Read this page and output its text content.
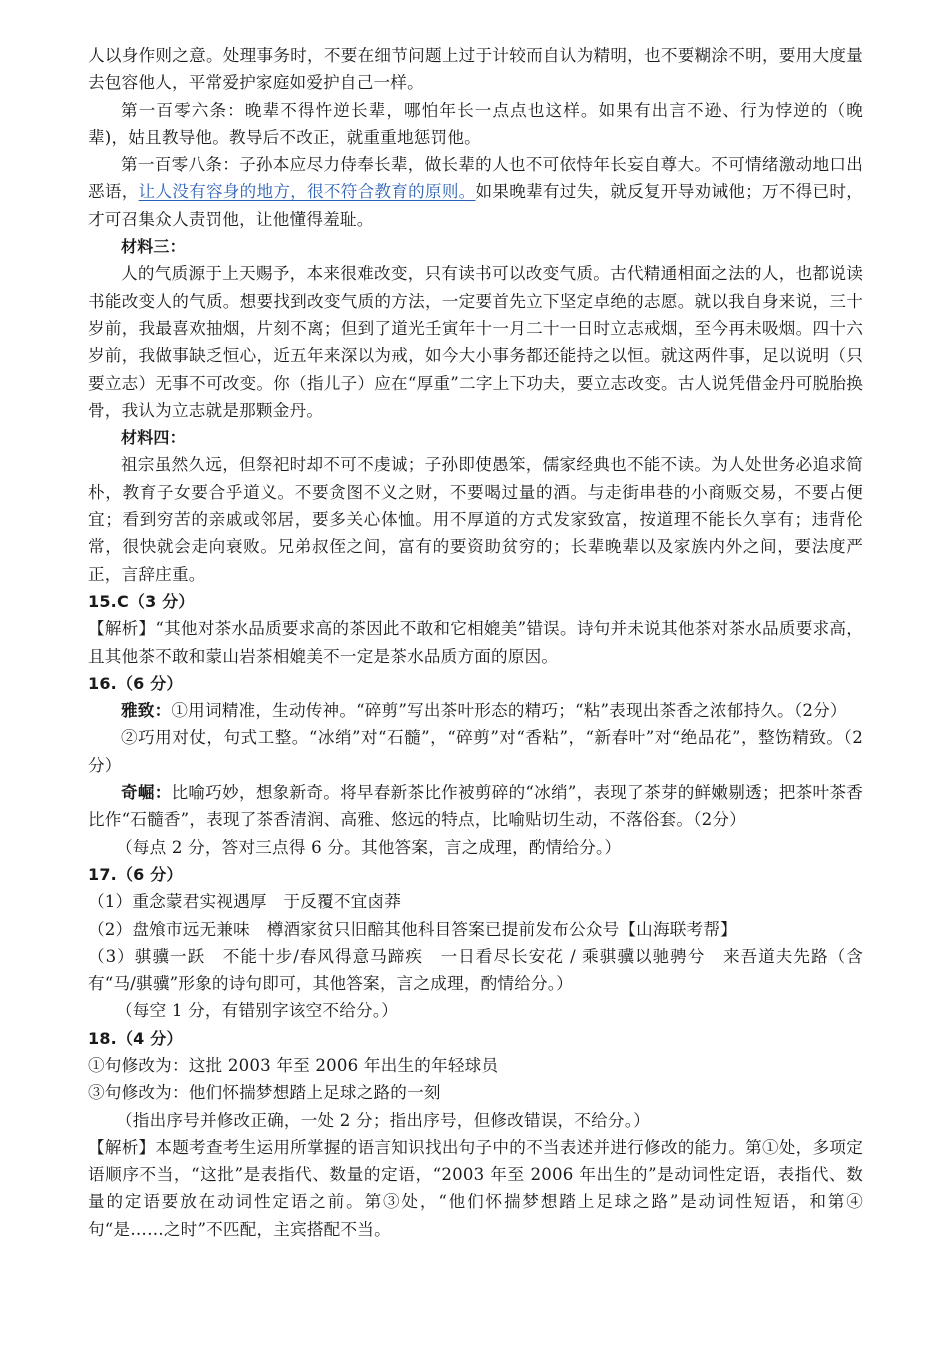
人以身作则之意。处理事务时，不要在细节问题上过于计较而自认为精明，也不要糊涂不明，要用大度量去包容他人，平常爱护家庭如爱护自己一样。

第一百零六条：晚辈不得忤逆长辈，哪怕年长一点点也这样。如果有出言不逊、行为悖逆的（晚辈)，姑且教导他。教导后不改正，就重重地惩罚他。

第一百零八条：子孙本应尽力侍奉长辈，做长辈的人也不可依恃年长妄自尊大。不可情绪激动地口出恶语，让人没有容身的地方，很不符合教育的原则。如果晚辈有过失，就反复开导劝诫他；万不得已时，才可召集众人责罚他，让他懂得羞耻。

材料三：

人的气质源于上天赐予，本来很难改变，只有读书可以改变气质。古代精通相面之法的人，也都说读书能改变人的气质。想要找到改变气质的方法，一定要首先立下坚定卓绝的志愿。就以我自身来说，三十岁前，我最喜欢抽烟，片刻不离；但到了道光壬寅年十一月二十一日时立志戒烟，至今再未吸烟。四十六岁前，我做事缺乏恒心，近五年来深以为戒，如今大小事务都还能持之以恒。就这两件事，足以说明（只要立志）无事不可改变。你（指儿子）应在“厚重”二字上下功夫，要立志改变。古人说凭借金丹可脱胎换骨，我认为立志就是那颗金丹。

材料四：

祖宗虽然久远，但祭祀时却不可不虔诚；子孙即使愚笨，儒家经典也不能不读。为人处世务必追求简朴，教育子女要合乎道义。不要贪图不义之财，不要喝过量的酒。与走街串巷的小商贩交易，不要占便宜；看到穷苦的亲戚或邻居，要多关心体恤。用不厚道的方式发家致富，按道理不能长久享有；违背伦常，很快就会走向衰败。兄弟叔侄之间，富有的要资助贫穷的；长辈晚辈以及家族内外之间，要法度严正，言辞庄重。

15.C（3 分）

【解析】“其他对茶水品质要求高的茶因此不敢和它相媲美”错误。诗句并未说其他茶对茶水品质要求高，且其他茶不敢和蒙山岩茶相媲美不一定是茶水品质方面的原因。

16.（6 分）

雅致：①用词精准，生动传神。“碎剪”写出茶叶形态的精巧；“粘”表现出茶香之浓郁持久。（2分）

②巧用对仗，句式工整。“冰绡”对“石髓”，“碎剪”对“香粘”，“新春叶”对“绝品花”，整饬精致。（2 分）

奇崛：比喻巧妙，想象新奇。将早春新茶比作被剪碎的“冰绡”，表现了茶芽的鲜嫩剔透；把茶叶茶香比作“石髓香”，表现了茶香清润、高雅、悠远的特点，比喻贴切生动，不落俗套。（2分）

（每点 2 分，答对三点得 6 分。其他答案，言之成理，酌情给分。）

17.（6 分）

（1）重念蒙君实视遇厚　于反覆不宜卤莽

（2）盘飧市远无兼味　樽酒家贫只旧醅其他科目答案已提前发布公众号【山海联考帮】

（3）骐骥一跃　不能十步/春风得意马蹄疾　一日看尽长安花 / 乘骐骥以驰骋兮　来吾道夫先路（含有“马/骐骥”形象的诗句即可，其他答案，言之成理，酌情给分。）

（每空 1 分，有错别字该空不给分。）

18.（4 分）

①句修改为：这批 2003 年至 2006 年出生的年轻球员

③句修改为：他们怀揣梦想踏上足球之路的一刻

（指出序号并修改正确，一处 2 分；指出序号，但修改错误，不给分。）

【解析】本题考查考生运用所掌握的语言知识找出句子中的不当表述并进行修改的能力。第①处，多项定语顺序不当，“这批”是表指代、数量的定语，“2003 年至 2006 年出生的”是动词性定语，表指代、数量的定语要放在动词性定语之前。第③处，“他们怀揣梦想踏上足球之路”是动词性短语，和第④句“是……之时”不匹配，主宾搭配不当。
